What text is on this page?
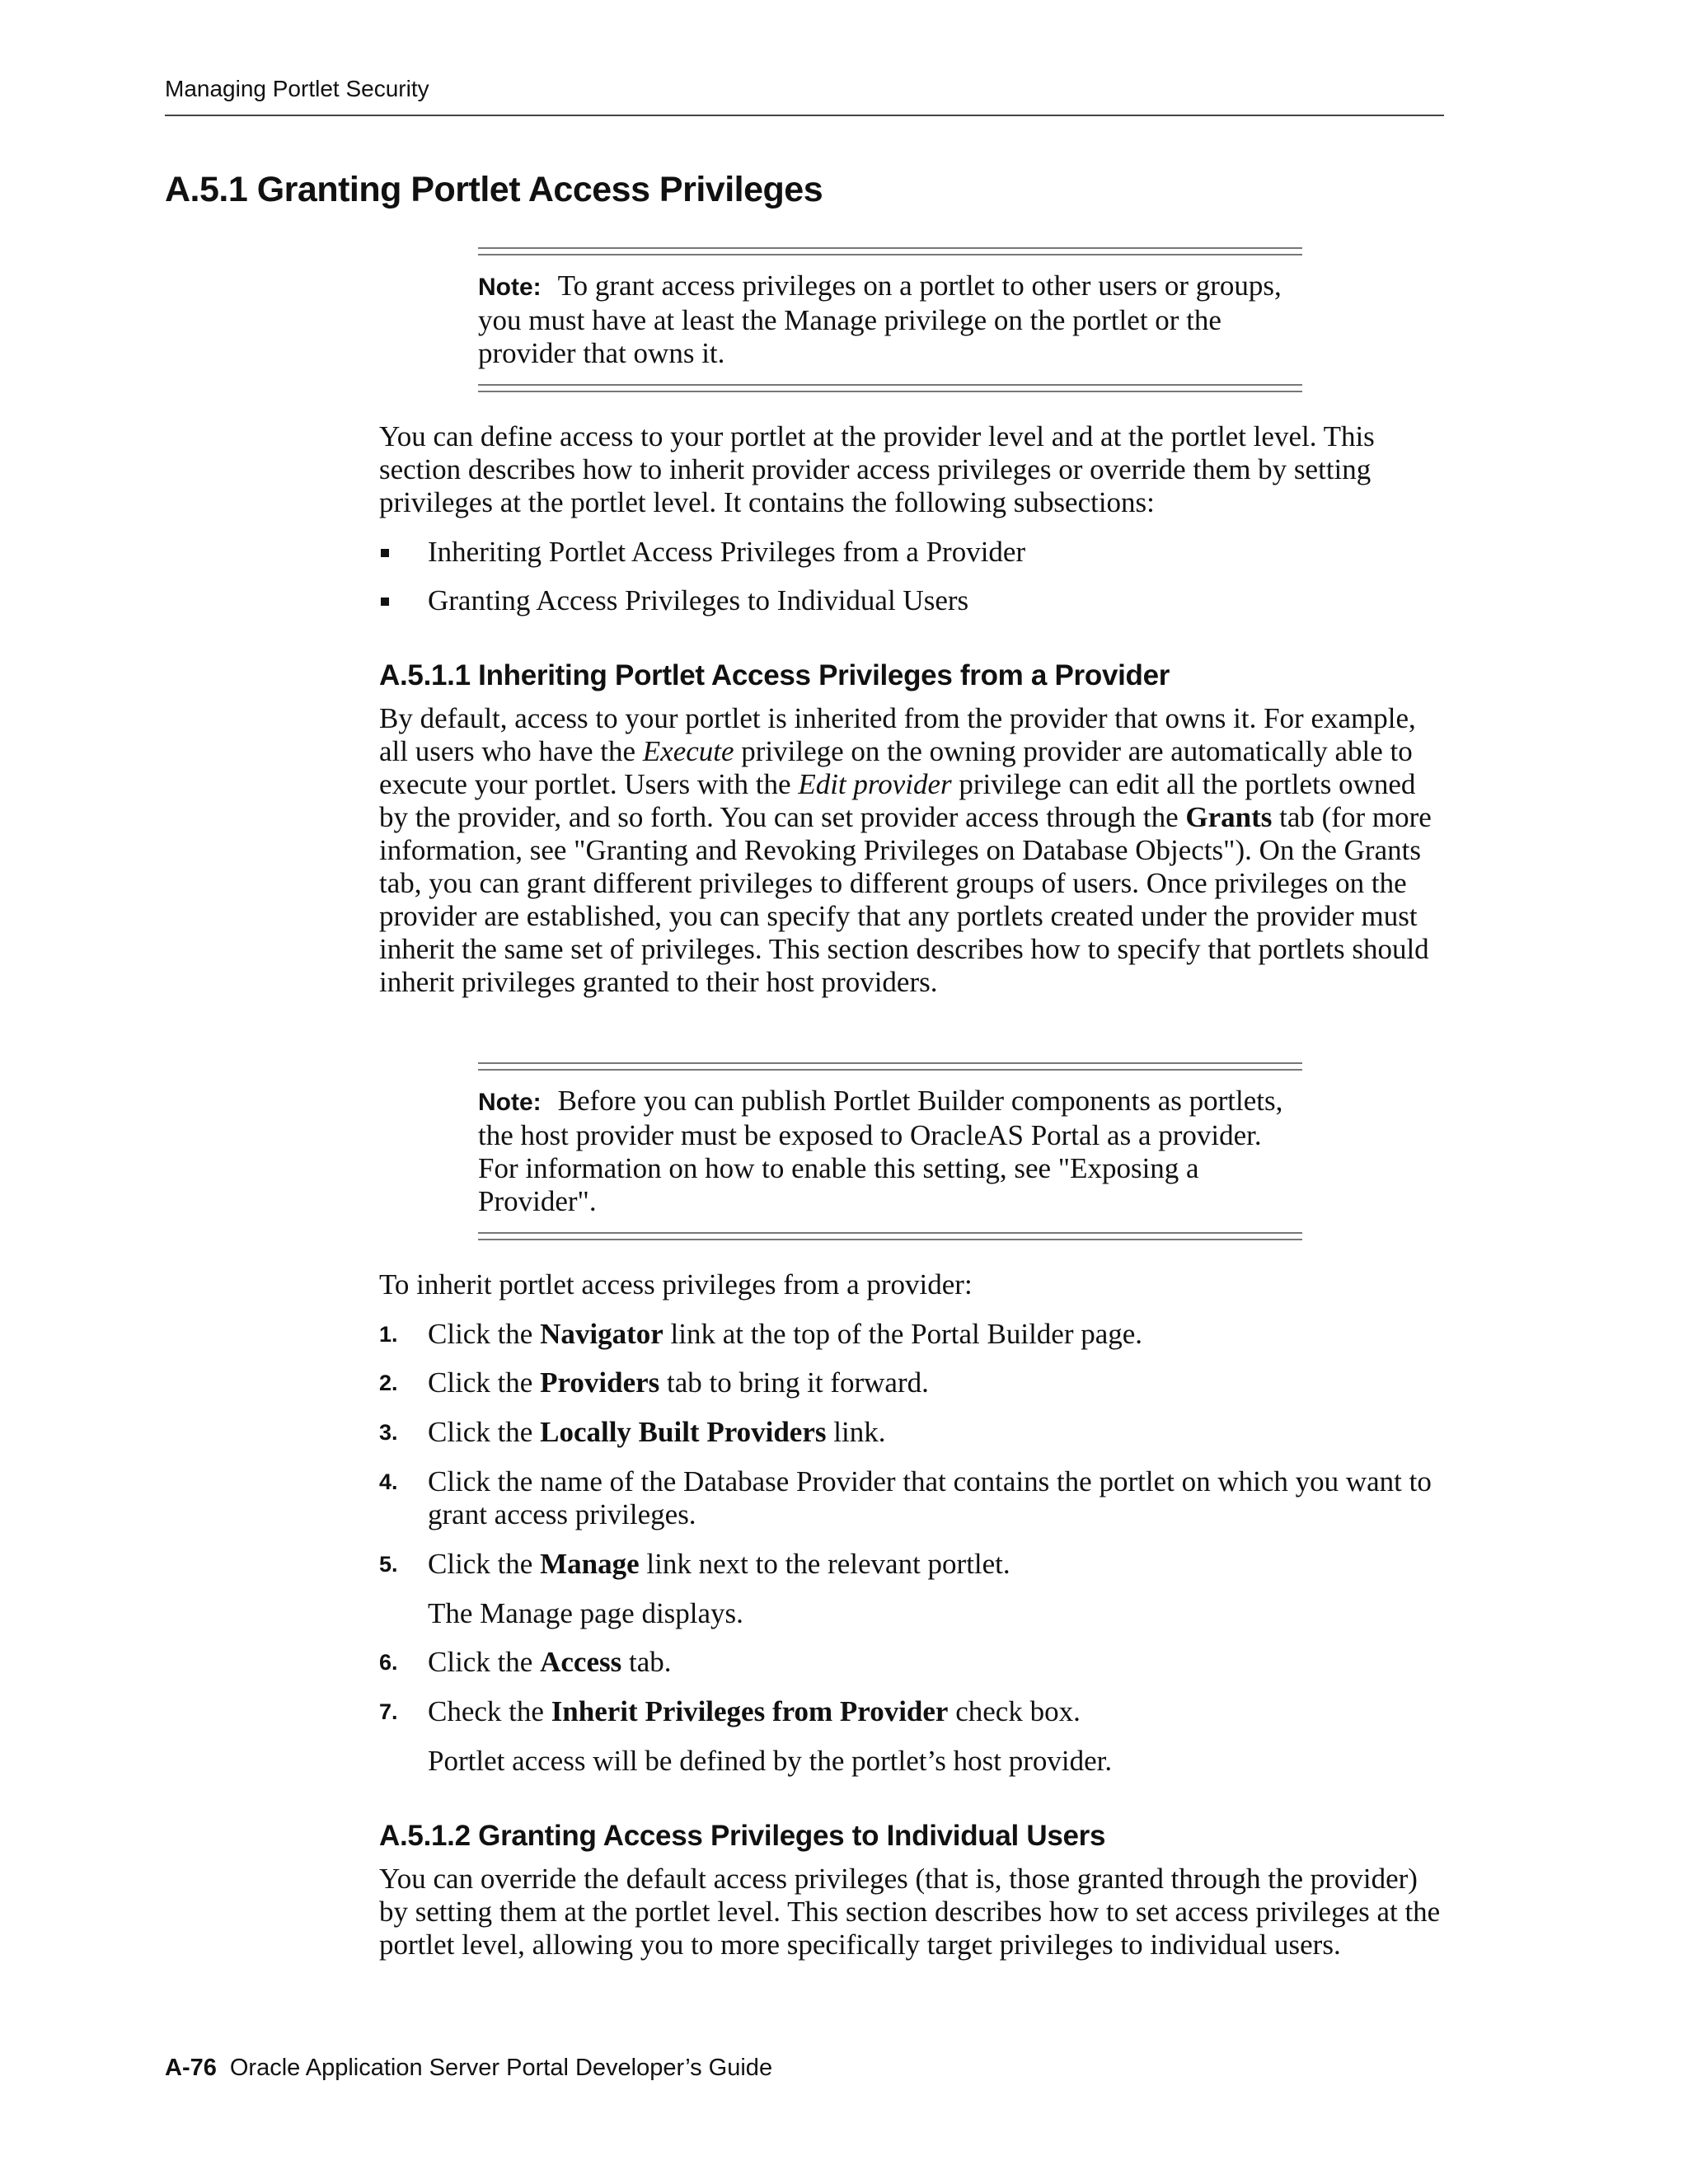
Managing Portlet Security
A.5.1 Granting Portlet Access Privileges
Note: To grant access privileges on a portlet to other users or groups, you must have at least the Manage privilege on the portlet or the provider that owns it.

You can define access to your portlet at the provider level and at the portlet level. This section describes how to inherit provider access privileges or override them by setting privileges at the portlet level. It contains the following subsections:

Inheriting Portlet Access Privileges from a Provider
Granting Access Privileges to Individual Users
A.5.1.1 Inheriting Portlet Access Privileges from a Provider

By default, access to your portlet is inherited from the provider that owns it. For example, all users who have the Execute privilege on the owning provider are automatically able to execute your portlet. Users with the Edit provider privilege can edit all the portlets owned by the provider, and so forth. You can set provider access through the Grants tab (for more information, see "Granting and Revoking Privileges on Database Objects"). On the Grants tab, you can grant different privileges to different groups of users. Once privileges on the provider are established, you can specify that any portlets created under the provider must inherit the same set of privileges. This section describes how to specify that portlets should inherit privileges granted to their host providers.

Note: Before you can publish Portlet Builder components as portlets, the host provider must be exposed to OracleAS Portal as a provider. For information on how to enable this setting, see "Exposing a Provider".

To inherit portlet access privileges from a provider:

1. Click the Navigator link at the top of the Portal Builder page.
2. Click the Providers tab to bring it forward.
3. Click the Locally Built Providers link.
4. Click the name of the Database Provider that contains the portlet on which you want to grant access privileges.
5. Click the Manage link next to the relevant portlet.

The Manage page displays.

6. Click the Access tab.
7. Check the Inherit Privileges from Provider check box.

Portlet access will be defined by the portlet’s host provider.

A.5.1.2 Granting Access Privileges to Individual Users

You can override the default access privileges (that is, those granted through the provider) by setting them at the portlet level. This section describes how to set access privileges at the portlet level, allowing you to more specifically target privileges to individual users.

A-76 Oracle Application Server Portal Developer’s Guide
